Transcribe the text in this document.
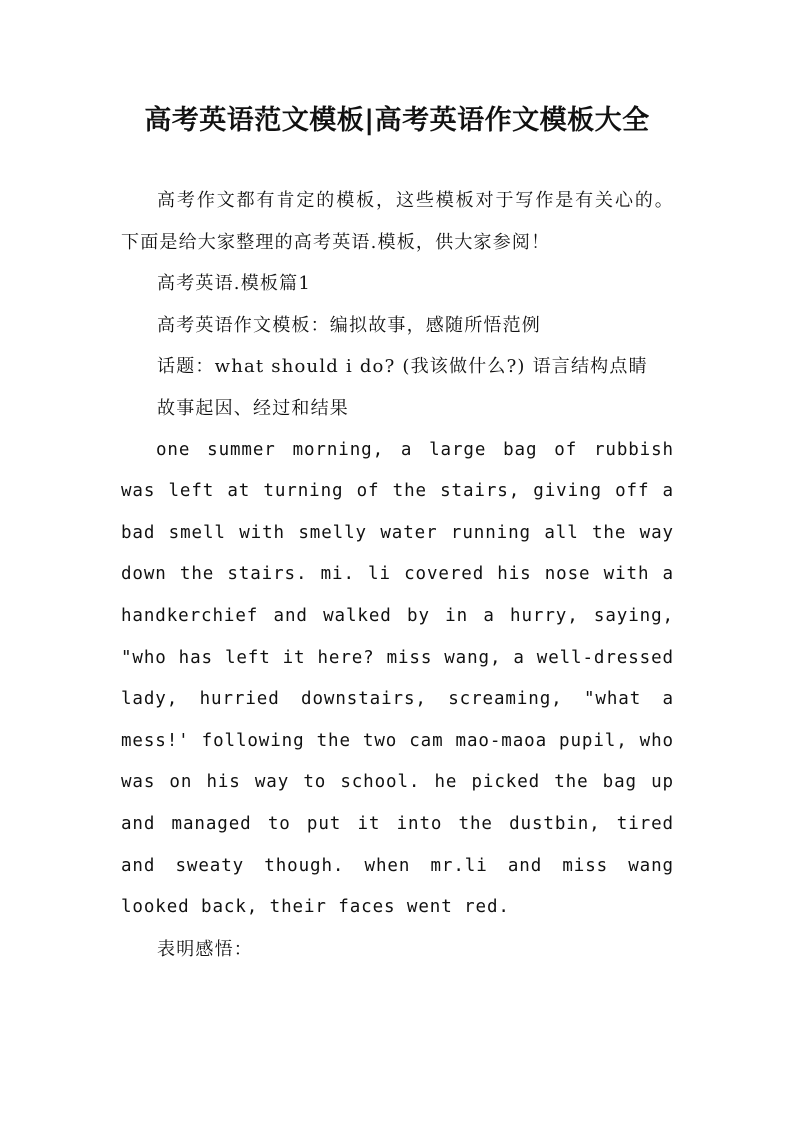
高考英语范文模板|高考英语作文模板大全

高考作文都有肯定的模板，这些模板对于写作是有关心的。下面是给大家整理的高考英语.模板，供大家参阅！

高考英语.模板篇1

高考英语作文模板：编拟故事，感随所悟范例

话题：what should i do? (我该做什么?) 语言结构点睛

故事起因、经过和结果

one summer morning, a large bag of rubbish was left at turning of the stairs, giving off a bad smell with smelly water running all the way down the stairs. mi. li covered his nose with a handkerchief and walked by in a hurry, saying, "who has left it here? miss wang, a well-dressed lady, hurried downstairs, screaming, "what a mess!' following the two cam mao-maoa pupil, who was on his way to school. he picked the bag up and managed to put it into the dustbin, tired and sweaty though. when mr.li and miss wang looked back, their faces went red.

表明感悟：
